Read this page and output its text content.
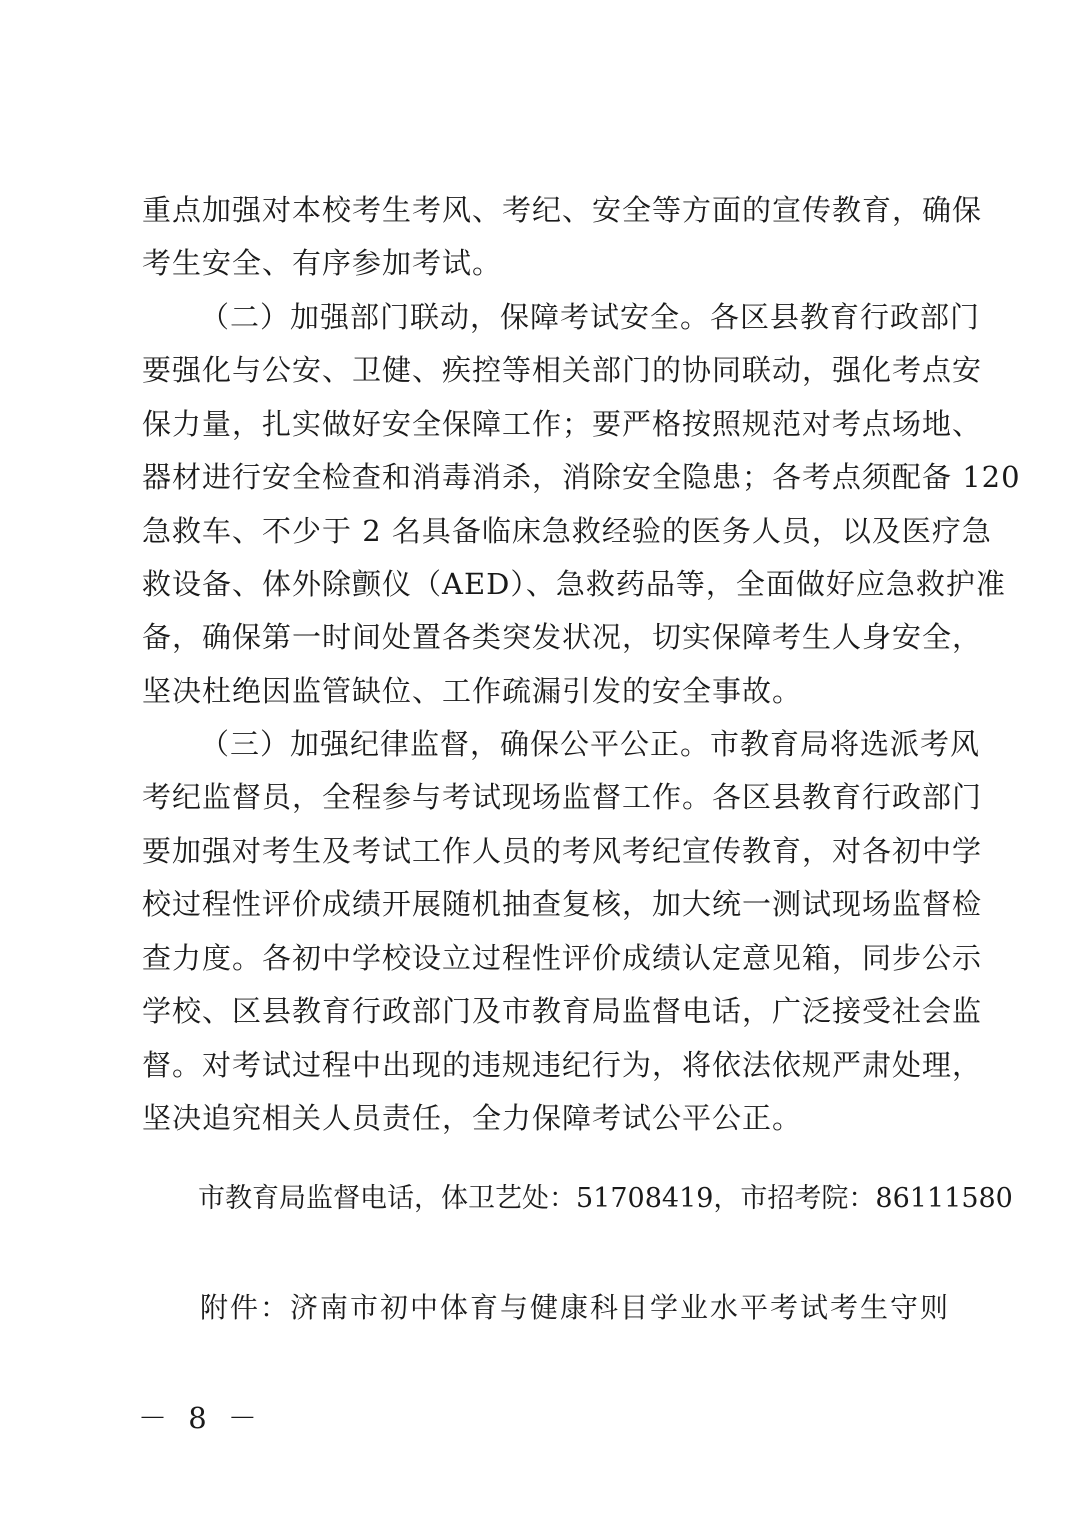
重点加强对本校考生考风、考纪、安全等方面的宣传教育，确保

考生安全、有序参加考试。

（二）加强部门联动，保障考试安全。各区县教育行政部门

要强化与公安、卫健、疾控等相关部门的协同联动，强化考点安

保力量，扎实做好安全保障工作；要严格按照规范对考点场地、

器材进行安全检查和消毒消杀，消除安全隐患；各考点须配备 120

急救车、不少于 2 名具备临床急救经验的医务人员，以及医疗急

救设备、体外除颤仪（AED）、急救药品等，全面做好应急救护准

备，确保第一时间处置各类突发状况，切实保障考生人身安全，

坚决杜绝因监管缺位、工作疏漏引发的安全事故。

（三）加强纪律监督，确保公平公正。市教育局将选派考风

考纪监督员，全程参与考试现场监督工作。各区县教育行政部门

要加强对考生及考试工作人员的考风考纪宣传教育，对各初中学

校过程性评价成绩开展随机抽查复核，加大统一测试现场监督检

查力度。各初中学校设立过程性评价成绩认定意见箱，同步公示

学校、区县教育行政部门及市教育局监督电话，广泛接受社会监

督。对考试过程中出现的违规违纪行为，将依法依规严肃处理，

坚决追究相关人员责任，全力保障考试公平公正。

市教育局监督电话，体卫艺处：51708419，市招考院：86111580

附件：济南市初中体育与健康科目学业水平考试考生守则

－ 8 －
